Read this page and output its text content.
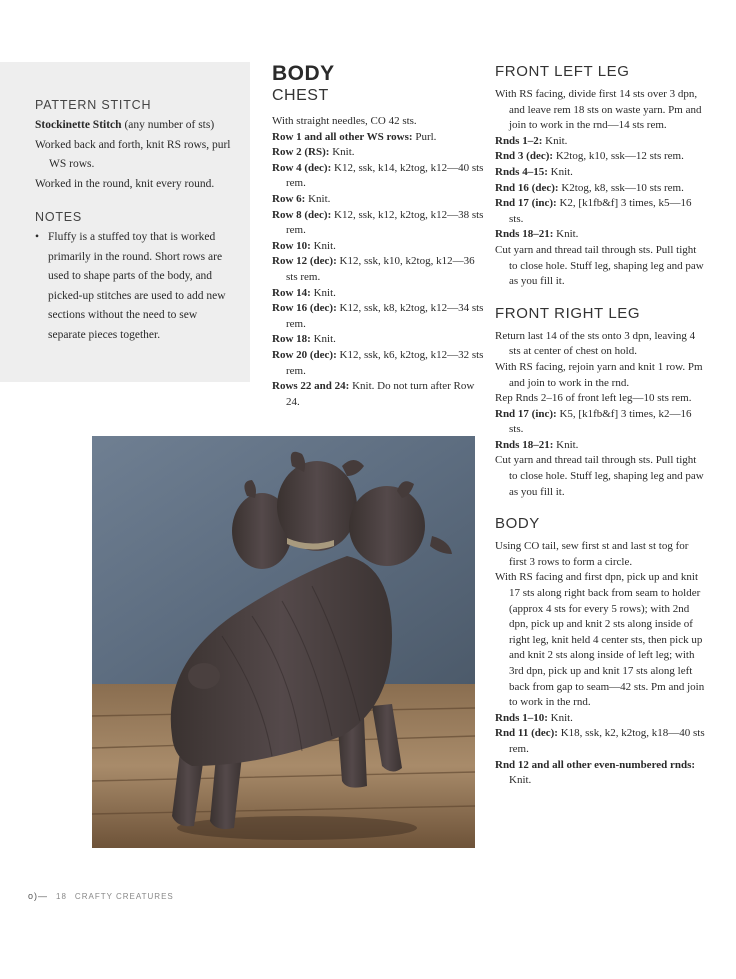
PATTERN STITCH

Stockinette Stitch (any number of sts)

Worked back and forth, knit RS rows, purl WS rows.

Worked in the round, knit every round.

NOTES

• Fluffy is a stuffed toy that is worked primarily in the round. Short rows are used to shape parts of the body, and picked-up stitches are used to add new sections without the need to sew separate pieces together.

BODY

CHEST

With straight needles, CO 42 sts.

Row 1 and all other WS rows: Purl.

Row 2 (RS): Knit.

Row 4 (dec): K12, ssk, k14, k2tog, k12—40 sts rem.

Row 6: Knit.

Row 8 (dec): K12, ssk, k12, k2tog, k12—38 sts rem.

Row 10: Knit.

Row 12 (dec): K12, ssk, k10, k2tog, k12—36 sts rem.

Row 14: Knit.

Row 16 (dec): K12, ssk, k8, k2tog, k12—34 sts rem.

Row 18: Knit.

Row 20 (dec): K12, ssk, k6, k2tog, k12—32 sts rem.

Rows 22 and 24: Knit. Do not turn after Row 24.

FRONT LEFT LEG

With RS facing, divide first 14 sts over 3 dpn, and leave rem 18 sts on waste yarn. Pm and join to work in the rnd—14 sts rem.

Rnds 1–2: Knit.

Rnd 3 (dec): K2tog, k10, ssk—12 sts rem.

Rnds 4–15: Knit.

Rnd 16 (dec): K2tog, k8, ssk—10 sts rem.

Rnd 17 (inc): K2, [k1fb&f] 3 times, k5—16 sts.

Rnds 18–21: Knit.

Cut yarn and thread tail through sts. Pull tight to close hole. Stuff leg, shaping leg and paw as you fill it.

FRONT RIGHT LEG

Return last 14 of the sts onto 3 dpn, leaving 4 sts at center of chest on hold.

With RS facing, rejoin yarn and knit 1 row. Pm and join to work in the rnd.

Rep Rnds 2–16 of front left leg—10 sts rem.

Rnd 17 (inc): K5, [k1fb&f] 3 times, k2—16 sts.

Rnds 18–21: Knit.

Cut yarn and thread tail through sts. Pull tight to close hole. Stuff leg, shaping leg and paw as you fill it.

BODY

Using CO tail, sew first st and last st tog for first 3 rows to form a circle.

With RS facing and first dpn, pick up and knit 17 sts along right back from seam to holder (approx 4 sts for every 5 rows); with 2nd dpn, pick up and knit 2 sts along inside of right leg, knit held 4 center sts, then pick up and knit 2 sts along inside of left leg; with 3rd dpn, pick up and knit 17 sts along left back from gap to seam—42 sts. Pm and join to work in the rnd.

Rnds 1–10: Knit.

Rnd 11 (dec): K18, ssk, k2, k2tog, k18—40 sts rem.

Rnd 12 and all other even-numbered rnds: Knit.

o)— 18 CRAFTY CREATURES
